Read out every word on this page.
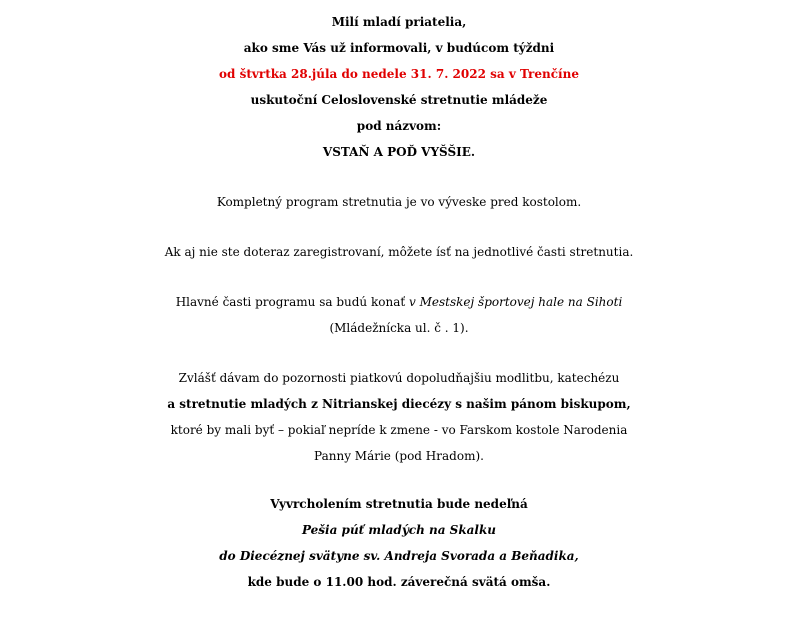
Milí mladí priatelia,
ako sme Vás už informovali, v budúcom týždni
od štvrtka 28.júla do nedele 31. 7. 2022 sa v Trenčíne
uskutoční Celoslovenské stretnutie mládeže
pod názvom:
VSTAŇ A POĎ VYŠŠIE.
Kompletný program stretnutia je vo výveske pred kostolom.
Ak aj nie ste doteraz zaregistrovaní, môžete ísť na jednotlivé časti stretnutia.
Hlavné časti programu sa budú konať v Mestskej športovej hale na Sihoti
(Mládežnícka ul. č . 1).
Zvlášť dávam do pozornosti piatkovú dopoludňajšiu modlitbu, katechézu
a stretnutie mladých z Nitrianskej diecézy s našim pánom biskupom,
ktoré by mali byť – pokiaľ nepríde k zmene - vo Farskom kostole Narodenia
Panny Márie (pod Hradom).
Vyvrcholením stretnutia bude nedeľná
Pešia púť mladých na Skalku
do Diecéznej svätyne sv. Andreja Svorada a Beňadika,
kde bude o 11.00 hod. záverečná svätá omša.
